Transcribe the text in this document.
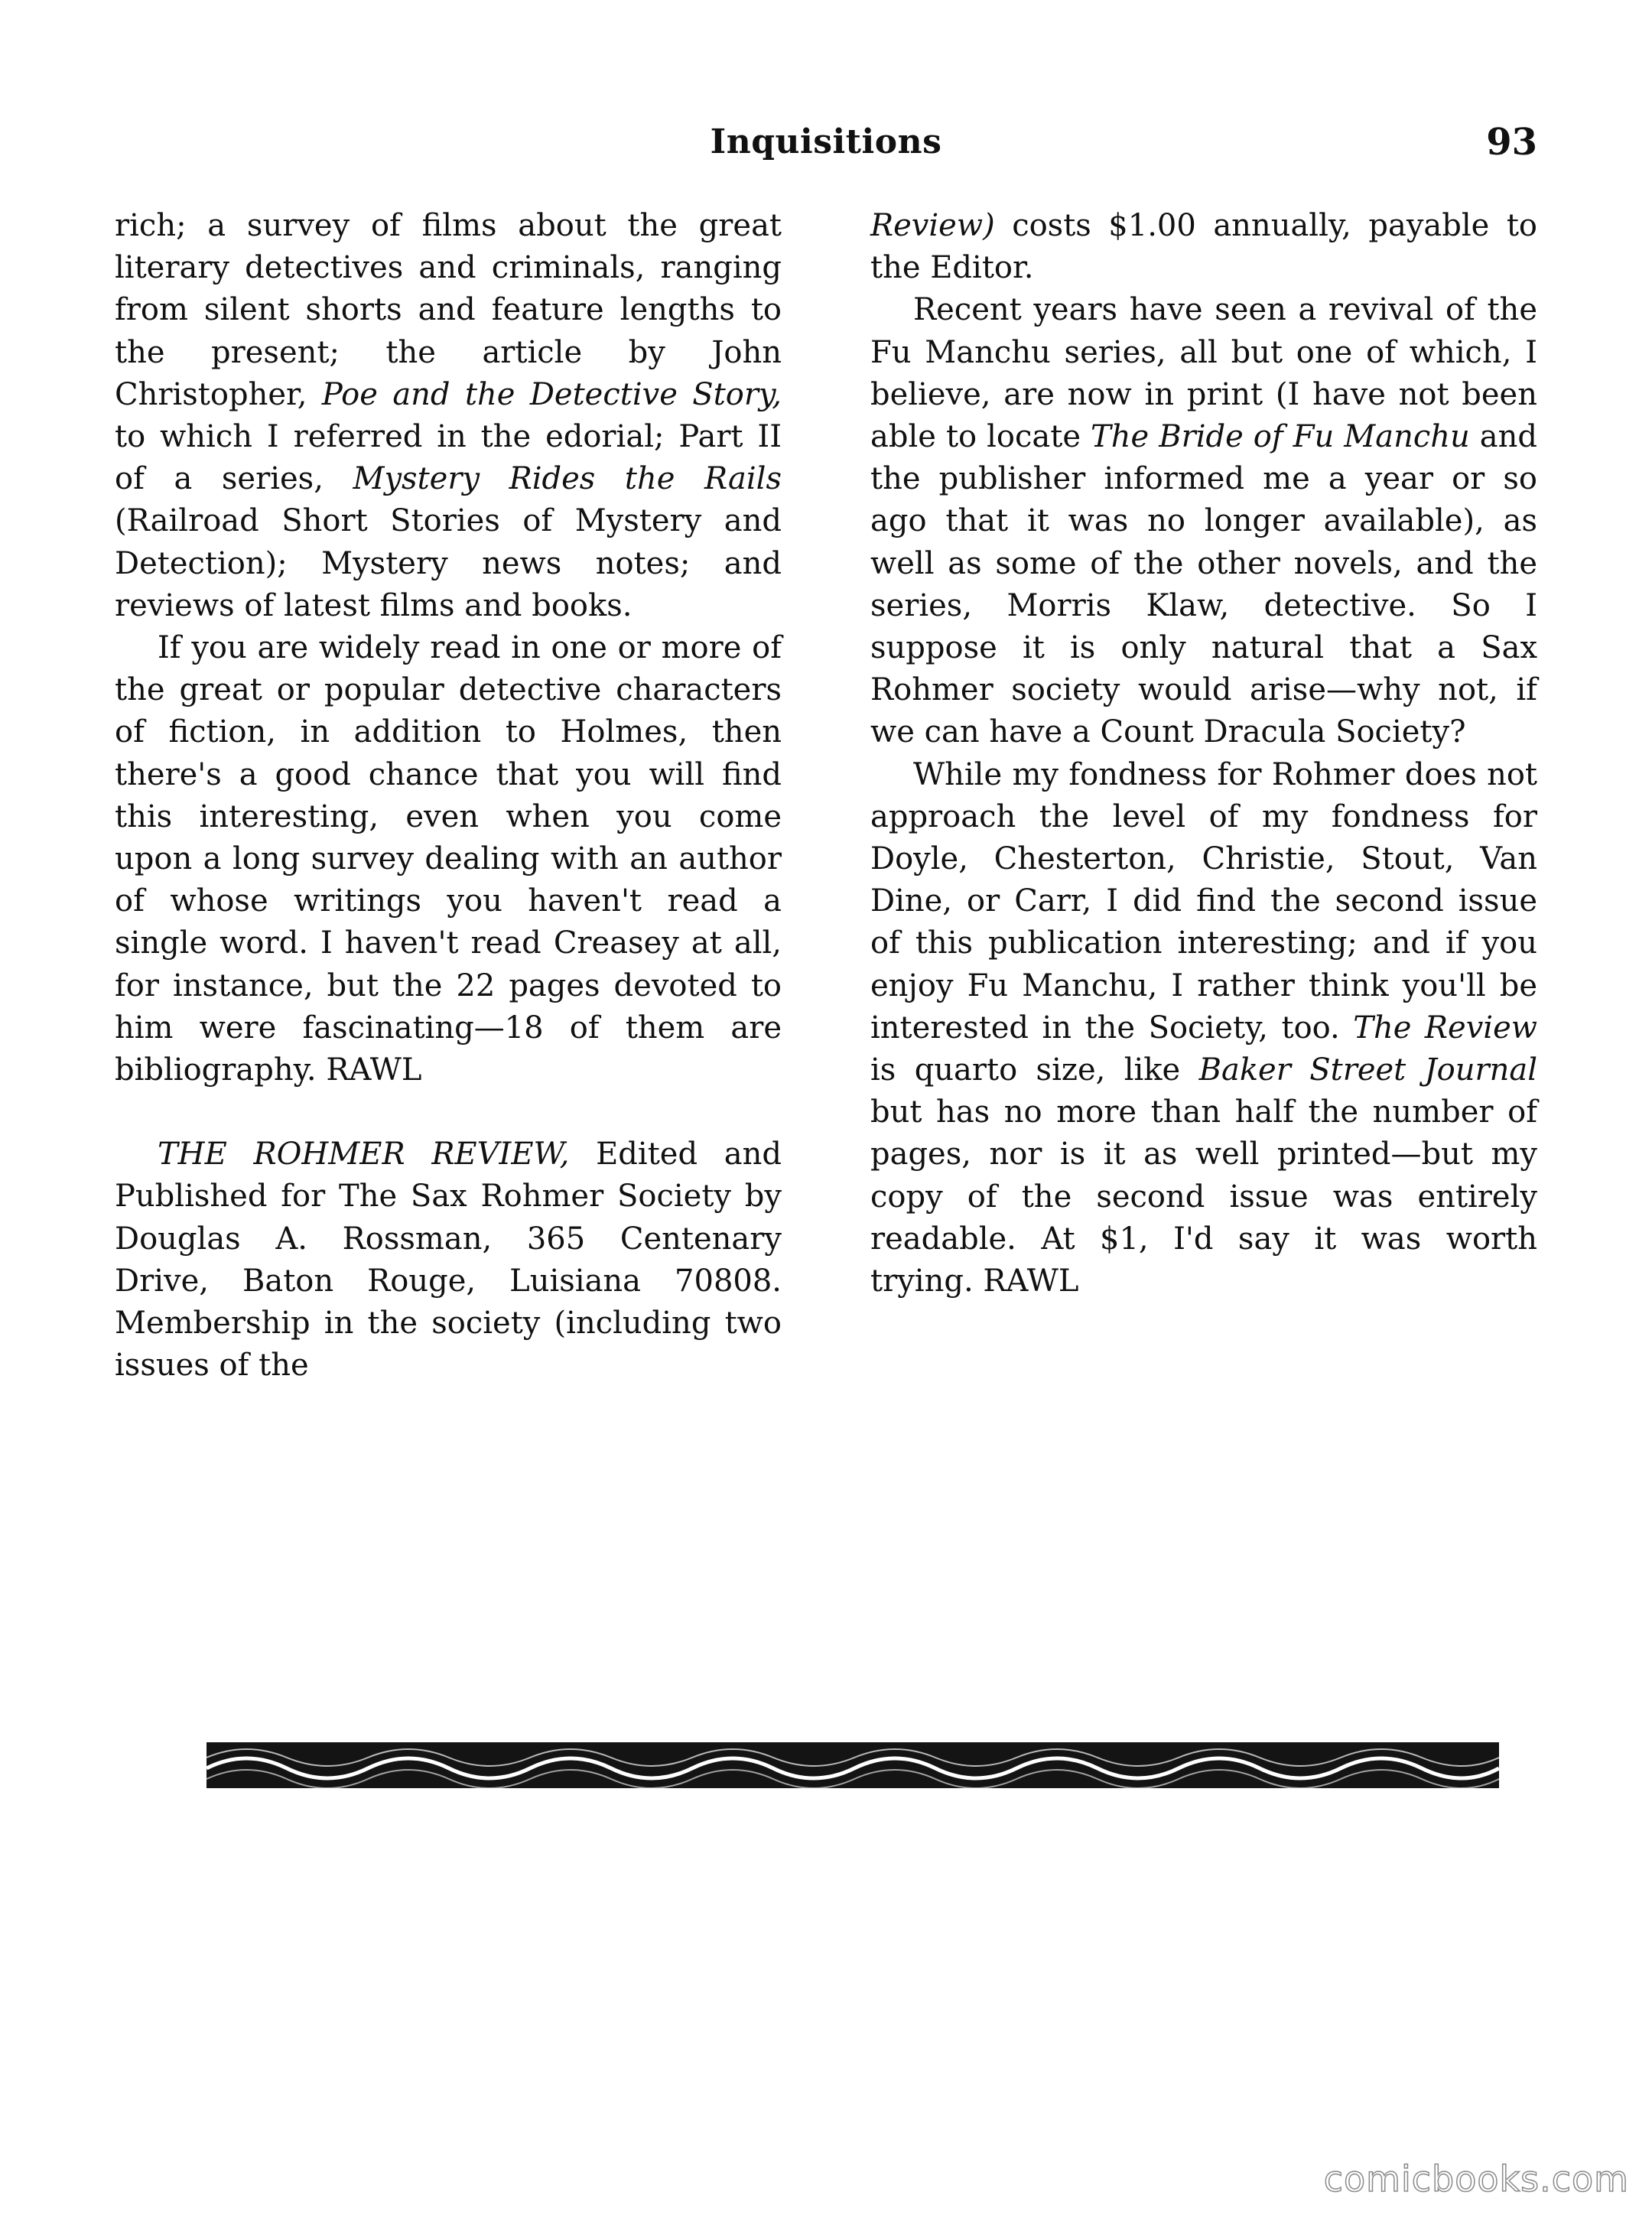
Inquisitions	93

rich; a survey of films about the great literary detectives and criminals, ranging from silent shorts and feature lengths to the present; the article by John Christopher, Poe and the Detective Story, to which I referred in the edorial; Part II of a series, Mystery Rides the Rails (Railroad Short Stories of Mystery and Detection); Mystery news notes; and reviews of latest films and books.

If you are widely read in one or more of the great or popular detective characters of fiction, in addition to Holmes, then there's a good chance that you will find this interesting, even when you come upon a long survey dealing with an author of whose writings you haven't read a single word. I haven't read Creasey at all, for instance, but the 22 pages devoted to him were fascinating—18 of them are bibliography. RAWL

THE ROHMER REVIEW, Edited and Published for The Sax Rohmer Society by Douglas A. Rossman, 365 Centenary Drive, Baton Rouge, Luisiana 70808. Membership in the society (including two issues of the

Review) costs $1.00 annually, payable to the Editor.

Recent years have seen a revival of the Fu Manchu series, all but one of which, I believe, are now in print (I have not been able to locate The Bride of Fu Manchu and the publisher informed me a year or so ago that it was no longer available), as well as some of the other novels, and the series, Morris Klaw, detective. So I suppose it is only natural that a Sax Rohmer society would arise—why not, if we can have a Count Dracula Society?

While my fondness for Rohmer does not approach the level of my fondness for Doyle, Chesterton, Christie, Stout, Van Dine, or Carr, I did find the second issue of this publication interesting; and if you enjoy Fu Manchu, I rather think you'll be interested in the Society, too. The Review is quarto size, like Baker Street Journal but has no more than half the number of pages, nor is it as well printed—but my copy of the second issue was entirely readable. At $1, I'd say it was worth trying. RAWL

comicbooks.com
